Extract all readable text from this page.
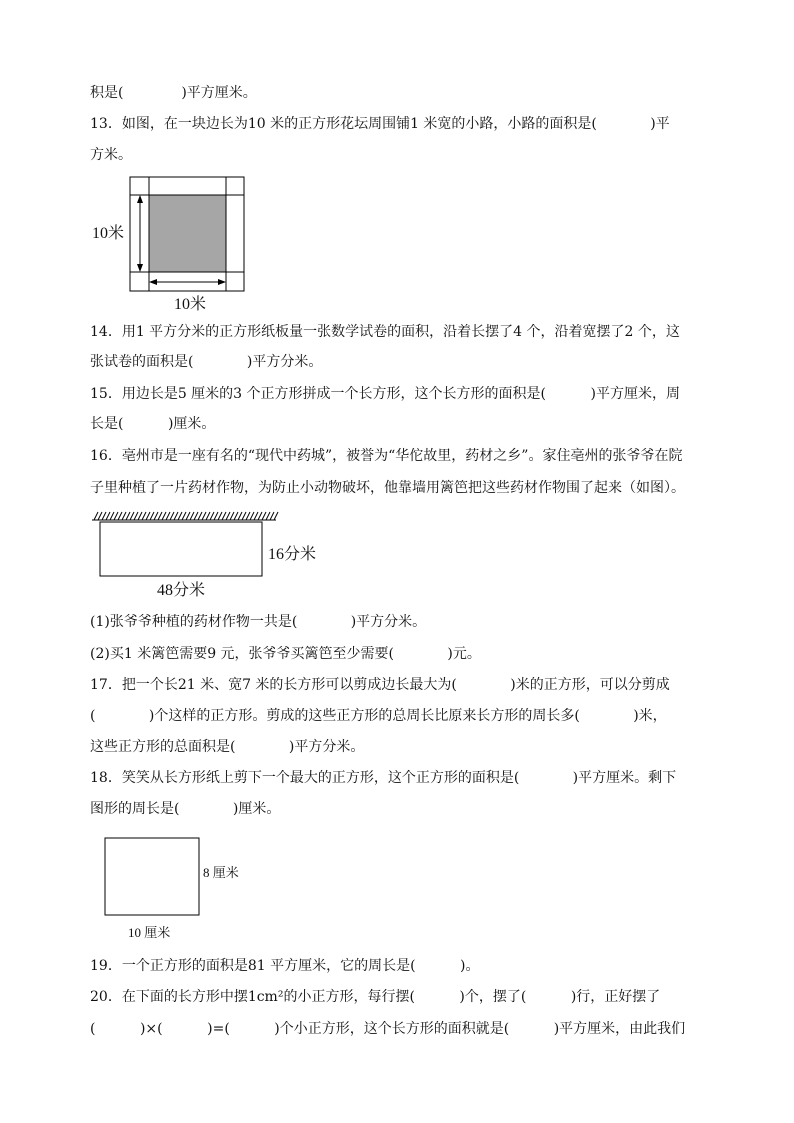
积是(             )平方厘米。
13．如图，在一块边长为10 米的正方形花坛周围铺1 米宽的小路，小路的面积是(            )平
方米。
10米
10米
14．用1 平方分米的正方形纸板量一张数学试卷的面积，沿着长摆了4 个，沿着宽摆了2 个，这
张试卷的面积是(            )平方分米。
15．用边长是5 厘米的3 个正方形拼成一个长方形，这个长方形的面积是(          )平方厘米，周
长是(          )厘米。
16．亳州市是一座有名的“现代中药城”，被誉为“华佗故里，药材之乡”。家住亳州的张爷爷在院
子里种植了一片药材作物，为防止小动物破坏，他靠墙用篱笆把这些药材作物围了起来（如图）。
16分米
48分米
(1)张爷爷种植的药材作物一共是(            )平方分米。
(2)买1 米篱笆需要9 元，张爷爷买篱笆至少需要(            )元。
17．把一个长21 米、宽7 米的长方形可以剪成边长最大为(            )米的正方形，可以分剪成
(            )个这样的正方形。剪成的这些正方形的总周长比原来长方形的周长多(            )米，
这些正方形的总面积是(            )平方分米。
18．笑笑从长方形纸上剪下一个最大的正方形，这个正方形的面积是(            )平方厘米。剩下
图形的周长是(            )厘米。
8 厘米
10 厘米
19．一个正方形的面积是81 平方厘米，它的周长是(          )。
20．在下面的长方形中摆1cm²的小正方形，每行摆(          )个，摆了(          )行，正好摆了
(          )×(          )=(          )个小正方形，这个长方形的面积就是(          )平方厘米，由此我们
